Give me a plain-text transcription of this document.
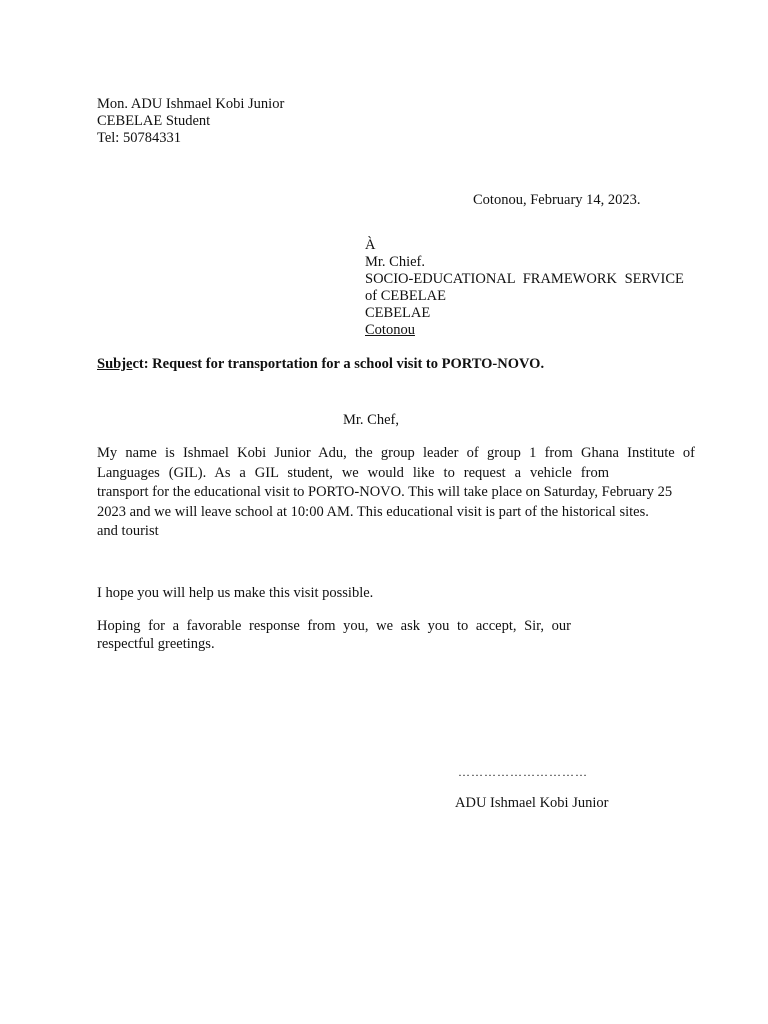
Mon. ADU Ishmael Kobi Junior
CEBELAE Student
Tel: 50784331
Cotonou, February 14, 2023.
À
Mr. Chief.
SOCIO-EDUCATIONAL FRAMEWORK SERVICE
of CEBELAE
CEBELAE
Cotonou
Subject: Request for transportation for a school visit to PORTO-NOVO.
Mr. Chef,
My name is Ishmael Kobi Junior Adu, the group leader of group 1 from Ghana Institute of
Languages (GIL). As a GIL student, we would like to request a vehicle from
transport for the educational visit to PORTO-NOVO. This will take place on Saturday, February 25
2023 and we will leave school at 10:00 AM. This educational visit is part of the historical sites.
and tourist
I hope you will help us make this visit possible.
Hoping for a favorable response from you, we ask you to accept, Sir, our
respectful greetings.
…………………………
ADU Ishmael Kobi Junior
